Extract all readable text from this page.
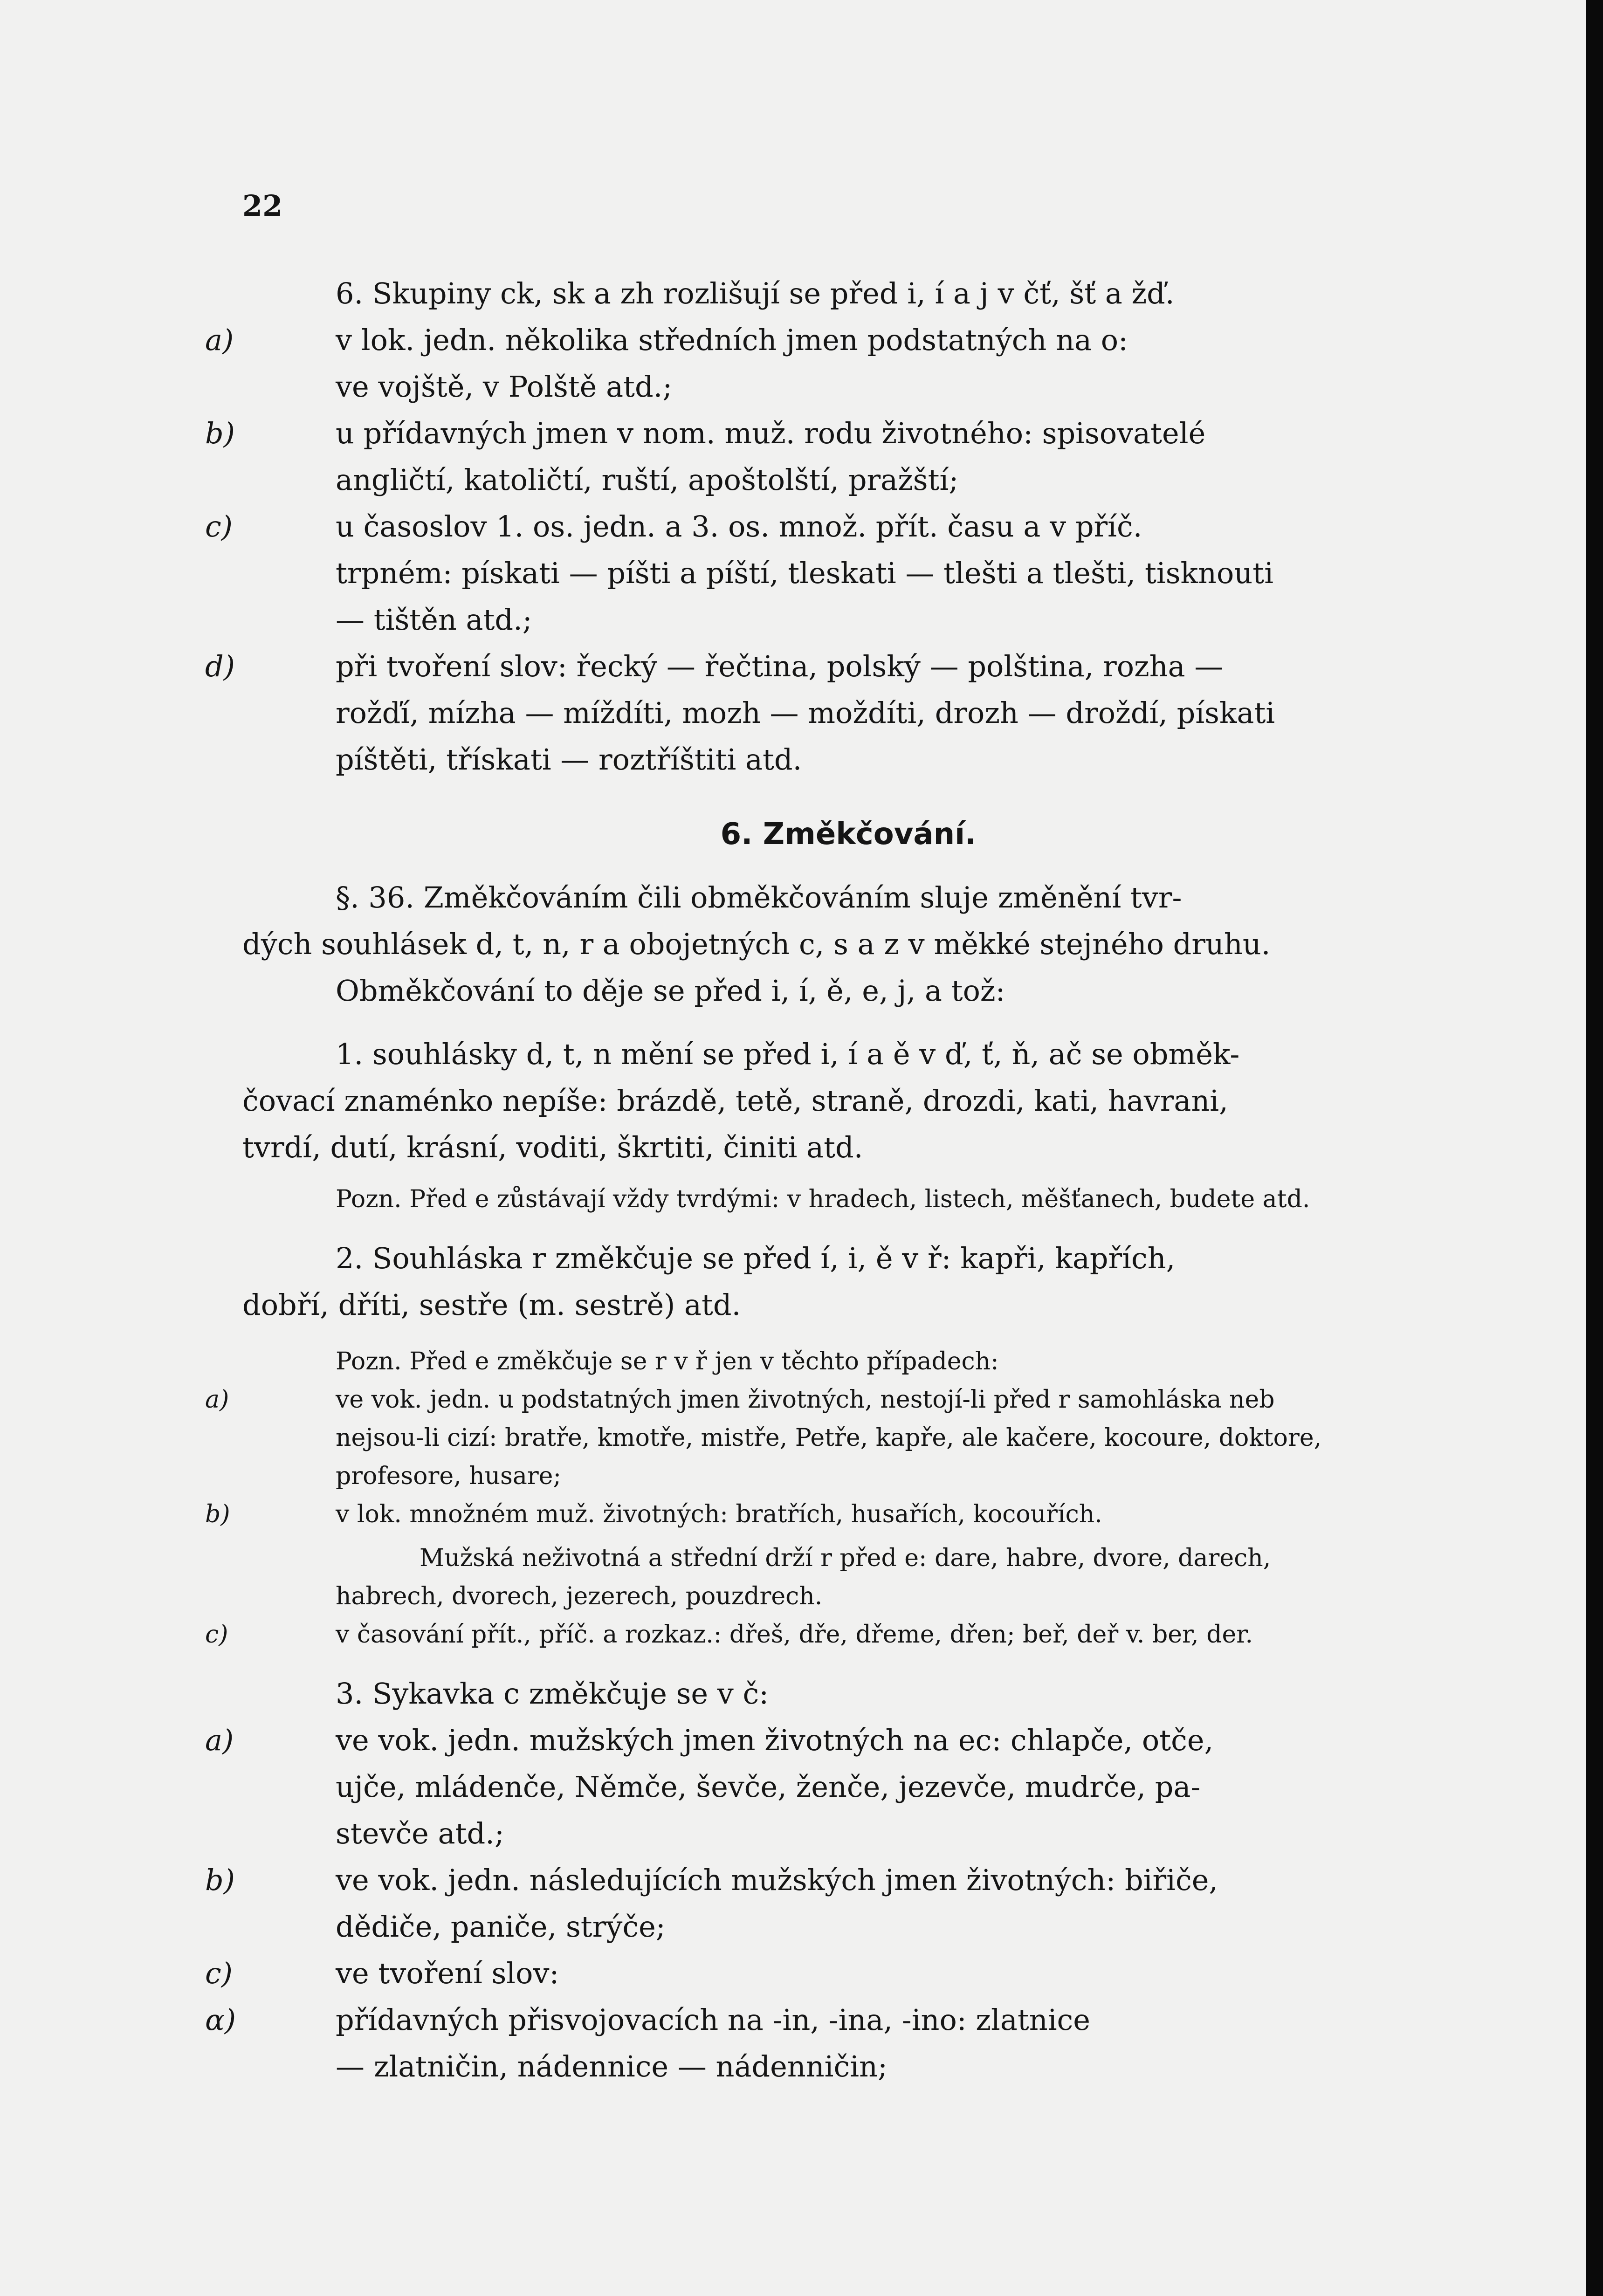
22
6. Skupiny ck, sk a zh rozlišují se před i, í a j v čť, šť a žď.
a)	v lok. jedn. několika středních jmen podstatných na o:
ve vojště, v Polště atd.;
b)	u přídavných jmen v nom. muž. rodu životného: spisovatelé
angličtí, katoličtí, ruští, apoštolští, pražští;
c)	u časoslov 1. os. jedn. a 3. os. množ. přít. času a v příč.
trpném: pískati — píšti a píští, tleskati — tlešti a tlešti, tisknouti
— tištěn atd.;
d)	při tvoření slov: řecký — řečtina, polský — polština, rozha —
rožďí, mízha — míždíti, mozh — moždíti, drozh — droždí, pískati
píštěti, třískati — roztříštiti atd.
6. Změkčování.
§. 36. Změkčováním čili obměkčováním sluje změnění tvr-
dých souhlásek d, t, n, r a obojetných c, s a z v měkké stejného druhu.
Obměkčování to děje se před i, í, ě, e, j, a tož:
1. souhlásky d, t, n mění se před i, í a ě v ď, ť, ň, ač se obměk-
čovací znaménko nepíše: brázdě, tetě, straně, drozdi, kati, havrani,
tvrdí, dutí, krásní, voditi, škrtiti, činiti atd.
Pozn. Před e zůstávají vždy tvrdými: v hradech, listech, měšťanech, budete atd.
2. Souhláska r změkčuje se před í, i, ě v ř: kapři, kapřích,
dobří, dříti, sestře (m. sestrě) atd.
Pozn. Před e změkčuje se r v ř jen v těchto případech:
a)	ve vok. jedn. u podstatných jmen životných, nestojí-li před r samohláska neb
nejsou-li cizí: bratře, kmotře, mistře, Petře, kapře, ale kačere, kocoure, doktore,
profesore, husare;
b)	v lok. množném muž. životných: bratřích, husařích, kocouřích.
Mužská neživotná a střední drží r před e: dare, habre, dvore, darech,
habrech, dvorech, jezerech, pouzdrech.
c)	v časování přít., příč. a rozkaz.: dřeš, dře, dřeme, dřen; beř, deř v. ber, der.
3. Sykavka c změkčuje se v č:
a)	ve vok. jedn. mužských jmen životných na ec: chlapče, otče,
ujče, mládenče, Němče, ševče, ženče, jezevče, mudrče, pa-
stevče atd.;
b)	ve vok. jedn. následujících mužských jmen životných: biřiče,
dědiče, paniče, strýče;
c)	ve tvoření slov:
α)	přídavných přisvojovacích na -in, -ina, -ino: zlatnice
— zlatničin, nádennice — nádenničin;
